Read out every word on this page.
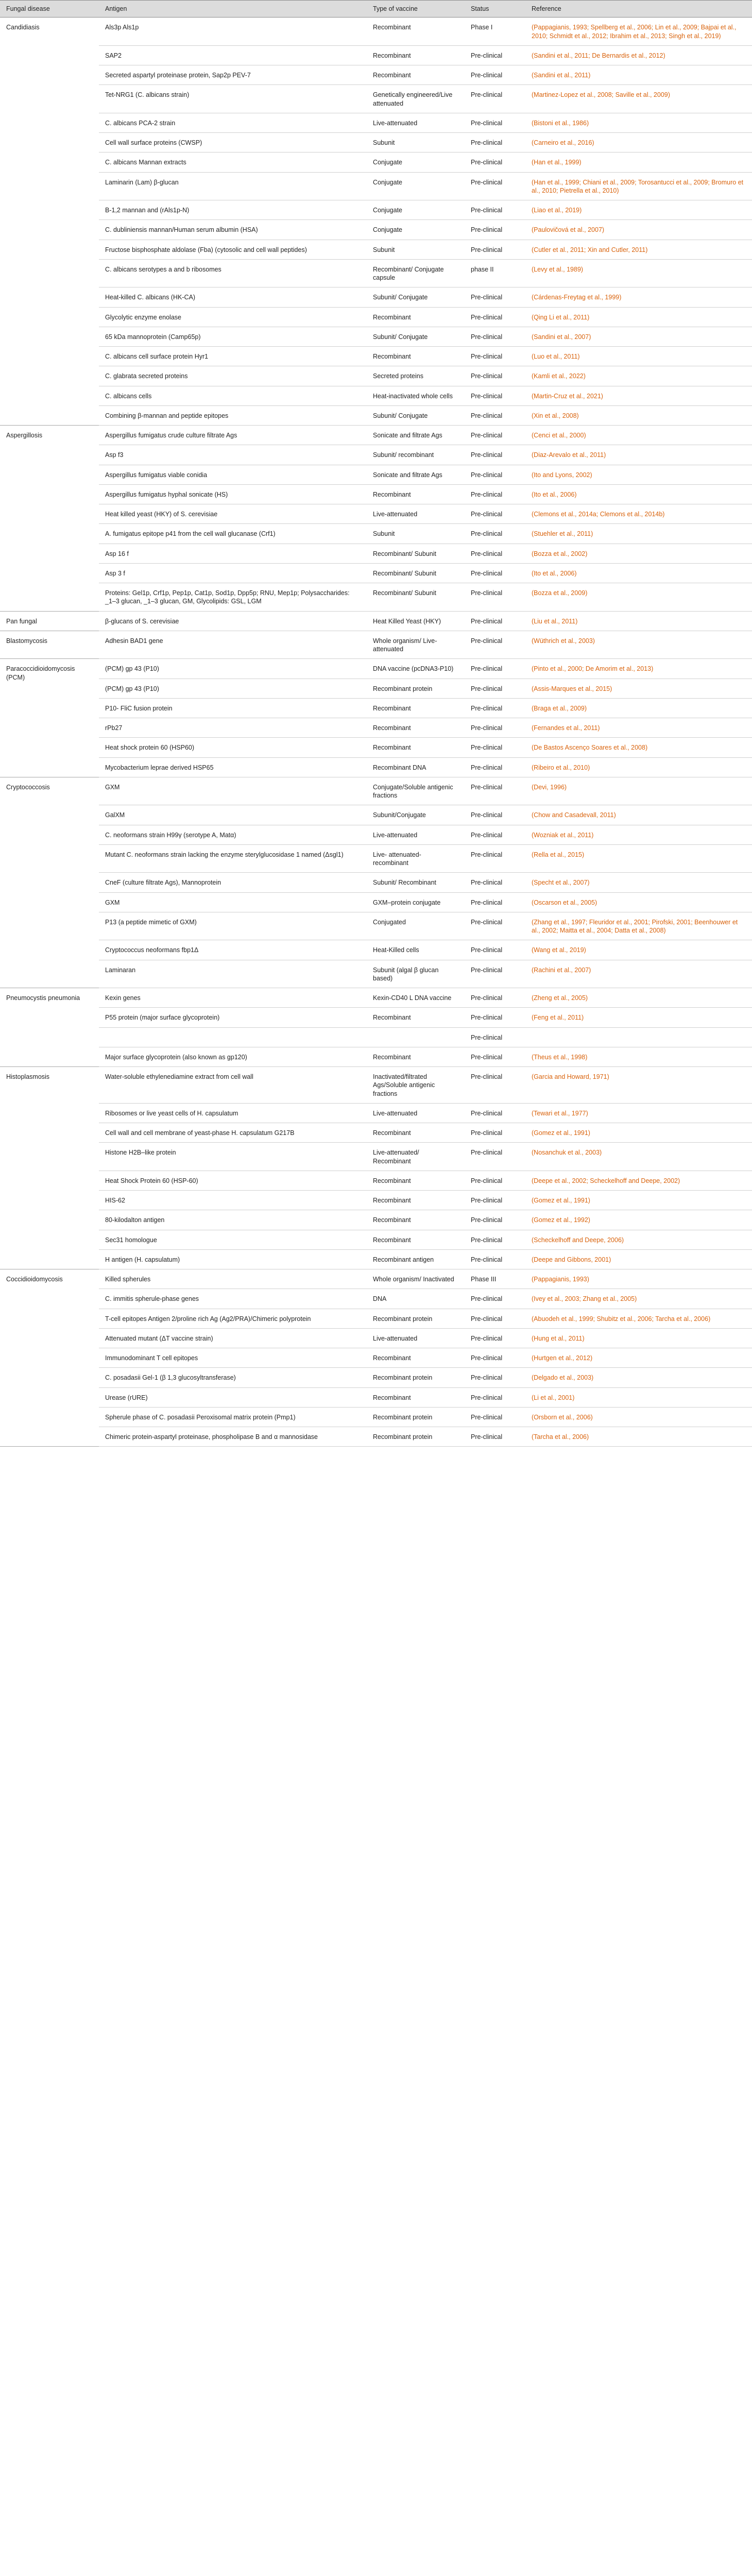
Fungal disease	Antigen	Type of vaccine	Status	Reference
Candidiasis	Als3p Als1p	Recombinant	Phase I	(Pappagianis, 1993; Spellberg et al., 2006; Lin et al., 2009; Bajpai et al., 2010; Schmidt et al., 2012; Ibrahim et al., 2013; Singh et al., 2019)
	SAP2	Recombinant	Pre-clinical	(Sandini et al., 2011; De Bernardis et al., 2012)
	Secreted aspartyl proteinase protein, Sap2p PEV-7	Recombinant	Pre-clinical	(Sandini et al., 2011)
	Tet-NRG1 (C. albicans strain)	Genetically engineered/Live attenuated	Pre-clinical	(Martinez-Lopez et al., 2008; Saville et al., 2009)
	C. albicans PCA-2 strain	Live-attenuated	Pre-clinical	(Bistoni et al., 1986)
	Cell wall surface proteins (CWSP)	Subunit	Pre-clinical	(Carneiro et al., 2016)
	C. albicans Mannan extracts	Conjugate	Pre-clinical	(Han et al., 1999)
	Laminarin (Lam) β-glucan	Conjugate	Pre-clinical	(Han et al., 1999; Chiani et al., 2009; Torosantucci et al., 2009; Bromuro et al., 2010; Pietrella et al., 2010)
	Β-1,2 mannan and (rAls1p-N)	Conjugate	Pre-clinical	(Liao et al., 2019)
	C. dubliniensis mannan/Human serum albumin (HSA)	Conjugate	Pre-clinical	(Paulovičová et al., 2007)
	Fructose bisphosphate aldolase (Fba) (cytosolic and cell wall peptides)	Subunit	Pre-clinical	(Cutler et al., 2011; Xin and Cutler, 2011)
	C. albicans serotypes a and b ribosomes	Recombinant/ Conjugate capsule	phase II	(Levy et al., 1989)
	Heat-killed C. albicans (HK-CA)	Subunit/ Conjugate	Pre-clinical	(Cárdenas-Freytag et al., 1999)
	Glycolytic enzyme enolase	Recombinant	Pre-clinical	(Qing Li et al., 2011)
	65 kDa mannoprotein (Camp65p)	Subunit/ Conjugate	Pre-clinical	(Sandini et al., 2007)
	C. albicans cell surface protein Hyr1	Recombinant	Pre-clinical	(Luo et al., 2011)
	C. glabrata secreted proteins	Secreted proteins	Pre-clinical	(Kamli et al., 2022)
	C. albicans cells	Heat-inactivated whole cells	Pre-clinical	(Martin-Cruz et al., 2021)
	Combining β-mannan and peptide epitopes	Subunit/ Conjugate	Pre-clinical	(Xin et al., 2008)
Aspergillosis	Aspergillus fumigatus crude culture filtrate Ags	Sonicate and filtrate Ags	Pre-clinical	(Cenci et al., 2000)
	Asp f3	Subunit/ recombinant	Pre-clinical	(Diaz-Arevalo et al., 2011)
	Aspergillus fumigatus viable conidia	Sonicate and filtrate Ags	Pre-clinical	(Ito and Lyons, 2002)
	Aspergillus fumigatus hyphal sonicate (HS)	Recombinant	Pre-clinical	(Ito et al., 2006)
	Heat killed yeast (HKY) of S. cerevisiae	Live-attenuated	Pre-clinical	(Clemons et al., 2014a; Clemons et al., 2014b)
	A. fumigatus epitope p41 from the cell wall glucanase (Crf1)	Subunit	Pre-clinical	(Stuehler et al., 2011)
	Asp 16 f	Recombinant/ Subunit	Pre-clinical	(Bozza et al., 2002)
	Asp 3 f	Recombinant/ Subunit	Pre-clinical	(Ito et al., 2006)
	Proteins: Gel1p, Crf1p, Pep1p, Cat1p, Sod1p, Dpp5p; RNU, Mep1p; Polysaccharides: _1–3 glucan, _1–3 glucan, GM, Glycolipids: GSL, LGM	Recombinant/ Subunit	Pre-clinical	(Bozza et al., 2009)
Pan fungal	β-glucans of S. cerevisiae	Heat Killed Yeast (HKY)	Pre-clinical	(Liu et al., 2011)
Blastomycosis	Adhesin BAD1 gene	Whole organism/ Live-attenuated	Pre-clinical	(Wüthrich et al., 2003)
Paracoccidioidomycosis (PCM)	(PCM) gp 43 (P10)	DNA vaccine (pcDNA3-P10)	Pre-clinical	(Pinto et al., 2000; De Amorim et al., 2013)
	(PCM) gp 43 (P10)	Recombinant protein	Pre-clinical	(Assis-Marques et al., 2015)
	P10- FliC fusion protein	Recombinant	Pre-clinical	(Braga et al., 2009)
	rPb27	Recombinant	Pre-clinical	(Fernandes et al., 2011)
	Heat shock protein 60 (HSP60)	Recombinant	Pre-clinical	(De Bastos Ascenço Soares et al., 2008)
	Mycobacterium leprae derived HSP65	Recombinant DNA	Pre-clinical	(Ribeiro et al., 2010)
Cryptococcosis	GXM	Conjugate/Soluble antigenic fractions	Pre-clinical	(Devi, 1996)
	GalXM	Subunit/Conjugate	Pre-clinical	(Chow and Casadevall, 2011)
	C. neoformans strain H99γ (serotype A, Matα)	Live-attenuated	Pre-clinical	(Wozniak et al., 2011)
	Mutant C. neoformans strain lacking the enzyme sterylglucosidase 1 named (Δsgl1)	Live- attenuated- recombinant	Pre-clinical	(Rella et al., 2015)
	CneF (culture filtrate Ags), Mannoprotein	Subunit/ Recombinant	Pre-clinical	(Specht et al., 2007)
	GXM	GXM–protein conjugate	Pre-clinical	(Oscarson et al., 2005)
	P13 (a peptide mimetic of GXM)	Conjugated	Pre-clinical	(Zhang et al., 1997; Fleuridor et al., 2001; Pirofski, 2001; Beenhouwer et al., 2002; Maitta et al., 2004; Datta et al., 2008)
	Cryptococcus neoformans fbp1Δ	Heat-Killed cells	Pre-clinical	(Wang et al., 2019)
	Laminaran	Subunit (algal β glucan based)	Pre-clinical	(Rachini et al., 2007)
Pneumocystis pneumonia	Kexin genes	Kexin-CD40 L DNA vaccine	Pre-clinical	(Zheng et al., 2005)
	P55 protein (major surface glycoprotein)	Recombinant	Pre-clinical	(Feng et al., 2011)
			Pre-clinical	
	Major surface glycoprotein (also known as gp120)	Recombinant	Pre-clinical	(Theus et al., 1998)
Histoplasmosis	Water-soluble ethylenediamine extract from cell wall	Inactivated/filtrated Ags/Soluble antigenic fractions	Pre-clinical	(Garcia and Howard, 1971)
	Ribosomes or live yeast cells of H. capsulatum	Live-attenuated	Pre-clinical	(Tewari et al., 1977)
	Cell wall and cell membrane of yeast-phase H. capsulatum G217B	Recombinant	Pre-clinical	(Gomez et al., 1991)
	Histone H2B–like protein	Live-attenuated/ Recombinant	Pre-clinical	(Nosanchuk et al., 2003)
	Heat Shock Protein 60 (HSP-60)	Recombinant	Pre-clinical	(Deepe et al., 2002; Scheckelhoff and Deepe, 2002)
	HIS-62	Recombinant	Pre-clinical	(Gomez et al., 1991)
	80-kilodalton antigen	Recombinant	Pre-clinical	(Gomez et al., 1992)
	Sec31 homologue	Recombinant	Pre-clinical	(Scheckelhoff and Deepe, 2006)
	H antigen (H. capsulatum)	Recombinant antigen	Pre-clinical	(Deepe and Gibbons, 2001)
Coccidioidomycosis	Killed spherules	Whole organism/ Inactivated	Phase III	(Pappagianis, 1993)
	C. immitis spherule-phase genes	DNA	Pre-clinical	(Ivey et al., 2003; Zhang et al., 2005)
	T-cell epitopes Antigen 2/proline rich Ag (Ag2/PRA)/Chimeric polyprotein	Recombinant protein	Pre-clinical	(Abuodeh et al., 1999; Shubitz et al., 2006; Tarcha et al., 2006)
	Attenuated mutant (ΔT vaccine strain)	Live-attenuated	Pre-clinical	(Hung et al., 2011)
	Immunodominant T cell epitopes	Recombinant	Pre-clinical	(Hurtgen et al., 2012)
	C. posadasii Gel-1 (β 1,3 glucosyltransferase)	Recombinant protein	Pre-clinical	(Delgado et al., 2003)
	Urease (rURE)	Recombinant	Pre-clinical	(Li et al., 2001)
	Spherule phase of C. posadasii Peroxisomal matrix protein (Pmp1)	Recombinant protein	Pre-clinical	(Orsborn et al., 2006)
	Chimeric protein-aspartyl proteinase, phospholipase B and α mannosidase	Recombinant protein	Pre-clinical	(Tarcha et al., 2006)
